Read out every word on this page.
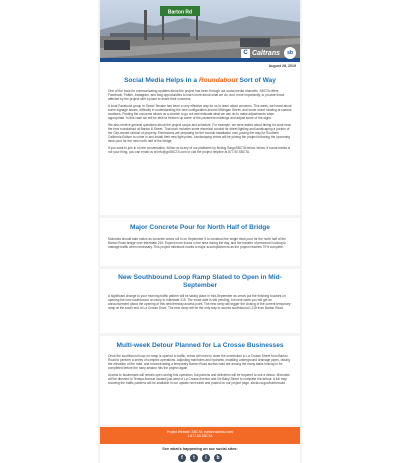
Barton Rd
C Caltrans	sb
August 28, 2019
Social Media Helps in a Roundabout Sort of Way

One of the tools for communicating updates about the project has been through our social media channels. SBCTA offers Facebook, Twitter, Instagram, and blog opportunities to learn more about what we do, and, more importantly, to provide those affected by the project with a place to share their concerns.

A local Facebook group in Grand Terrace has been a very effective way for us to learn about concerns. This week, we heard about some signage issues, difficulty in understanding the new configuration around Michigan Street, and some motor slowing at various locations. Posting the concerns allows us a chance to go out and evaluate what we can do to make adjustments when appropriate. In this case we will be able to freshen up some of the pavement markings and adjust some of the signs.

We also receive general questions about the project scope and schedule. For example, we were asked about timing for work near the new roundabout at Barton & Street. That work includes some electrical conduit for street lighting and landscaping a portion of the City-owned section of property. Electricians are preparing for the conduit installation now, paving the way for Southern California Edison to come in and install their new light poles. Landscaping crews will be joining the project following the upcoming deck pour for the new north half of the bridge.

If you want to join in on the conversation, follow us at any of our platforms by finding SargoSBCTA below, below. If social media is not your thing, you can email us at info@goSBCTA.com or call the project helpline at 877.50.SBCTA.

Major Concrete Pour for North Half of Bridge

Motorists should take notice as concrete crews roll in on September 5 to construct the single deck pour for the north half of the Barton Road bridge over Interstate 215. Expect more trucks in the area during the day, and the transfer of personnel looking to manage traffic when necessary. This project milestone marks a major accomplishment as the project reaches 70% complete.

New Southbound Loop Ramp Slated to Open in Mid-September

A significant change to your morning traffic pattern will be taking place in mid-September as crews put the finishing touches on opening the new southbound on-ramp to Interstate 215. The exact date is still pending, but next week you will get an announcement about the opening of this new freeway access point. The new ramp will trigger the closing of the current temporary ramp at the south end of La Crosse Drive. The new ramp will be the only way to access southbound I-215 from Barton Road.

Multi-week Detour Planned for La Crosse Businesses

Once the southbound loop on-ramp is opened to traffic, crews will need to close the connection to La Crosse Street from Barton Road to perform a series of complex operations. Adjusting manholes and hydrants, installing underground drainage pipes, raising the elevation of the road, and reconstructing a temporary Barton Road access road are among the many tasks looking to be completed before the rainy season hits the project again.

Access to businesses will remain open during this operation, but patrons and deliveries will be required to use a detour. Motorists will be directed to Tenaya Avenue located just west of La Crosse Avenue and Ge Baby Street to complete the detour. A full map showing the traffic patterns will be available in our update next week and posted on our project page, sbcta.ca.gov/bartonroad.

Project Website: SBCTA: bartonroadintc.com/
1-877-50-SBCTA
See what's happening on our social sites:
f	t	i	b
